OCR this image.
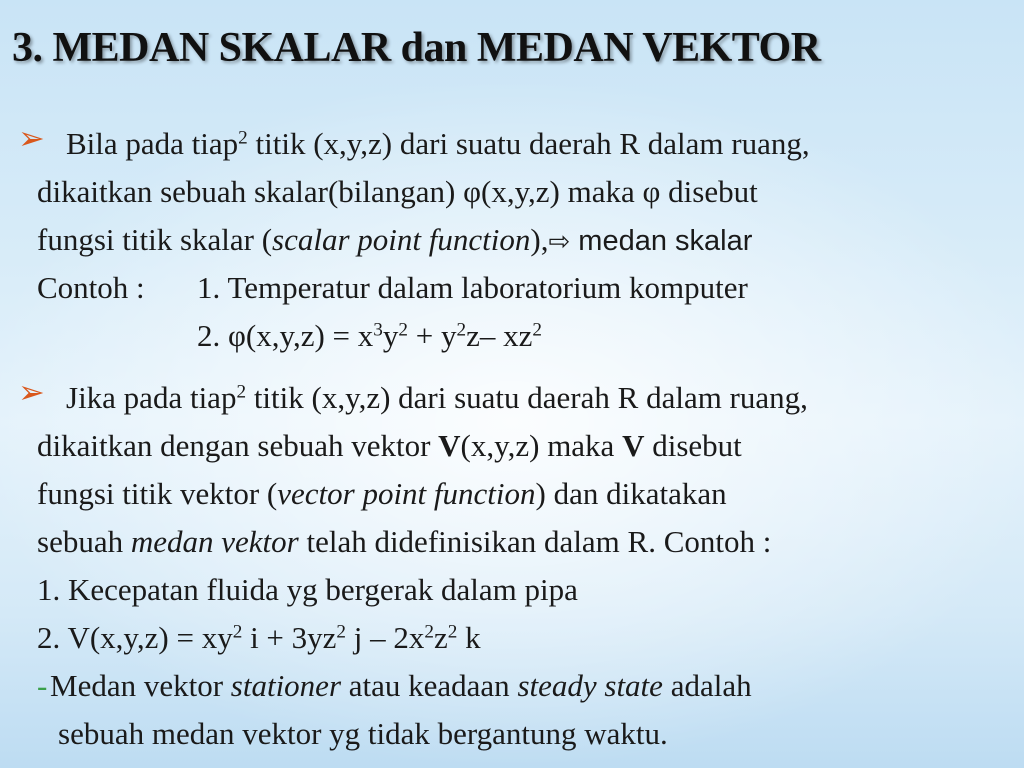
3. MEDAN SKALAR dan MEDAN VEKTOR
➢ Bila pada tiap$^2$ titik (x,y,z) dari suatu daerah R dalam ruang,
dikaitkan sebuah skalar(bilangan) φ(x,y,z) maka φ disebut
fungsi titik skalar (scalar point function),⇨ medan skalar
Contoh : 1. Temperatur dalam laboratorium komputer
2. $\varphi(x,y,z) = x^3y^2 + y^2z-$ $xz^2$
➢ Jika pada tiap$^2$ titik (x,y,z) dari suatu daerah R dalam ruang,
dikaitkan dengan sebuah vektor V(x,y,z) maka V disebut
fungsi titik vektor (vector point function) dan dikatakan
sebuah medan vektor telah didefinisikan dalam R. Contoh :
1. Kecepatan fluida yg bergerak dalam pipa
2. $V(x,y,z) = xy^2$ $i + 3yz^2$ j – $2x^2z^2$ k
- Medan vektor stationer atau keadaan steady state adalah
sebuah medan vektor yg tidak bergantung waktu.
